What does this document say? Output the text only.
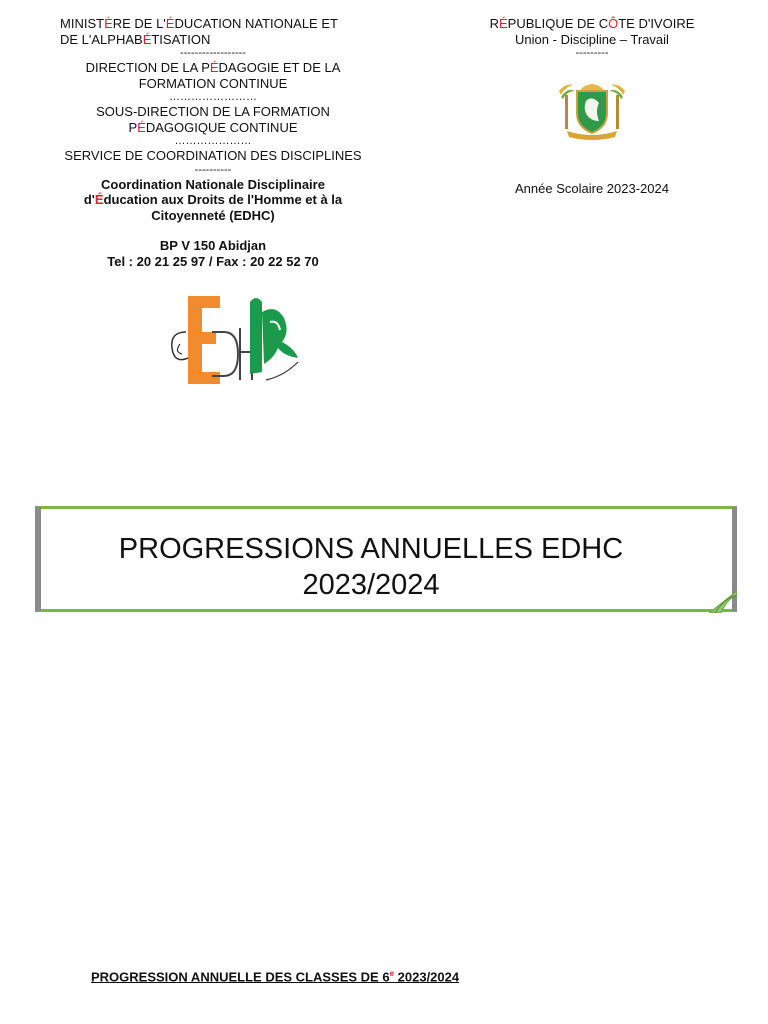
MINISTÈRE DE L'ÉDUCATION NATIONALE ET
DE L'ALPHABÉTISATION
------------------
DIRECTION DE LA PÉDAGOGIE ET DE LA
FORMATION CONTINUE
……………………
SOUS-DIRECTION DE LA FORMATION
PÉDAGOGIQUE CONTINUE
…………………
SERVICE DE COORDINATION DES DISCIPLINES
----------
Coordination Nationale Disciplinaire
d'Éducation aux Droits de l'Homme et à la
Citoyenneté (EDHC)
BP V 150 Abidjan
Tel : 20 21 25 97 / Fax : 20 22 52 70
RÉPUBLIQUE DE CÔTE D'IVOIRE
Union - Discipline – Travail
---------
Année Scolaire 2023-2024
PROGRESSIONS ANNUELLES EDHC
2023/2024
PROGRESSION ANNUELLE DES CLASSES DE 6e 2023/2024
